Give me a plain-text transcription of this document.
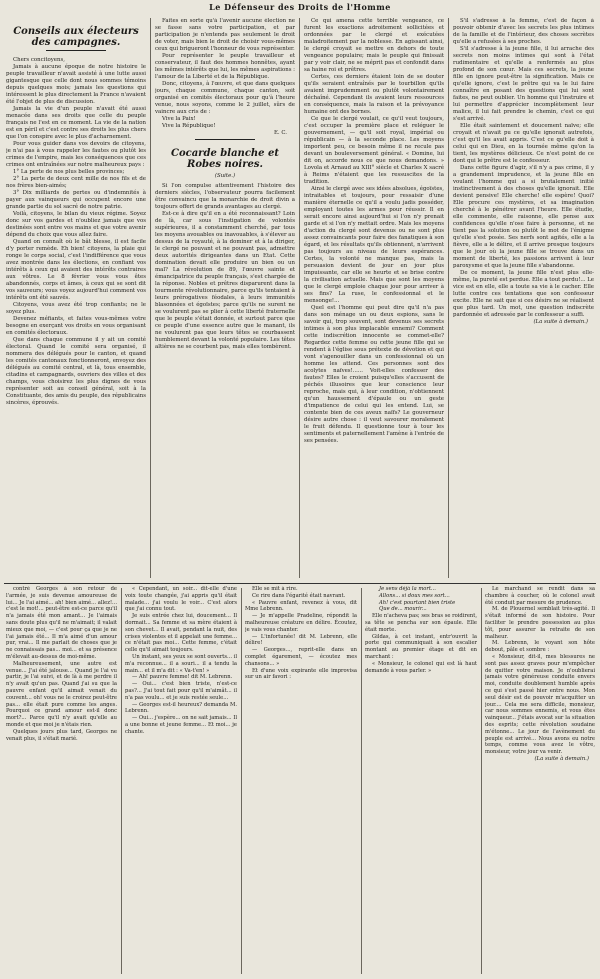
Le Défenseur des Droits de l'Homme
Conseils aux électeurs des campagnes.

Chers concitoyens,

Jamais à aucune époque de notre histoire le peuple travailleur n'avait assisté à une lutte aussi gigantesque que celle dont nous sommes témoins depuis quelques mois; jamais les questions qui intéressent le plus directement la France n'avaient été l'objet de plus de discussion.

Jamais la vie d'un peuple n'avait été aussi menacée dans ses droits que celle du peuple français ne l'est en ce moment. La vie de la nation est en péril et c'est contre ses droits les plus chers que l'on conspire avec le plus d'acharnement.

Pour vous guider dans vos devoirs de citoyens, je n'ai pas à vous rappeler les fautes ou plutôt les crimes de l'empire, mais les conséquences que ces crimes ont entraînées sur notre malheureux pays :

1° La perte de nos plus belles provinces;

2° La perte de deux cent mille de nos fils et de nos frères bien-aimés;

3° Dix milliards de pertes ou d'indemnités à payer aux vainqueurs qui occupent encore une grande partie du sol sacré de notre patrie.

Voilà, citoyens, le bilan du vieux régime. Soyez donc sur vos gardes et n'oubliez jamais que vos destinées sont entre vos mains et que votre avenir dépend du choix que vous allez faire.

Quand on connaît où le bât blesse, il est facile d'y porter remède. Eh bien! citoyens, la plaie qui ronge le corps social, c'est l'indifférence que vous avez montrée dans les élections, en confiant vos intérêts à ceux qui avaient des intérêts contraires aux vôtres. Le 8 février vous vous êtes abandonnés, corps et âmes, à ceux qui se sont dit vos sauveurs; vous voyez aujourd'hui comment vos intérêts ont été sauvés.

Citoyens, vous avez été trop confiants; ne le soyez plus.

Devenez méfiants, et faites vous-mêmes votre besogne en exerçant vos droits en vous organisant en comités électoraux.

Que dans chaque commune il y ait un comité électoral. Quand le comité sera organisé, il nommera des délégués pour le canton, et quand les comités cantonaux fonctionneront, envoyez des délégués au comité central, et là, tous ensemble, citadins et campagnards, ouvriers des villes et des champs, vous choisirez les plus dignes de vous représenter soit au conseil général, soit à la Constituante, des amis du peuple, des républicains sincères, éprouvés.

Faites en sorte qu'à l'avenir aucune élection ne se fasse sans votre participation, et par participation je n'entends pas seulement le droit de voter, mais bien le droit de choisir vous-mêmes ceux qui brigueront l'honneur de vous représenter.

Pour représenter le peuple travailleur et conservateur, il faut des hommes honnêtes, ayant les mêmes intérêts que lui, les mêmes aspirations : l'amour de la Liberté et de la République.

Donc, citoyens, à l'œuvre, et que dans quelques jours, chaque commune, chaque canton, soit organisé en comités électoraux pour qu'à l'heure venue, nous soyons, comme le 2 juillet, sûrs de vaincre aux cris de :

Vive la Paix!

Vive la République!

E. C.
Cocarde blanche et Robes noires.
(Suite.)

Si l'on compulse attentivement l'histoire des derniers siècles, l'observateur pourra facilement être convaincu que la monarchie de droit divin a toujours offert de grands avantages au clergé.

Est-ce à dire qu'il en a été reconnaissant? Loin de là, car sous l'instigation de volontés supérieures, il a constamment cherché, par tous les moyens avouables ou inavouables, à s'élever au dessus de la royauté, à la dominer et à la diriger, le clergé ne pouvant et ne pouvant pas, admettre deux autorités dirigeantes dans un Etat. Cette domination devait elle produire un bien ou un mal? La révolution de 89, l'œuvre sainte et émancipatrice du peuple français, s'est chargée de la réponse. Nobles et prêtres disparurent dans la tourmente révolutionnaire, parce qu'ils tentaient à leurs prérogatives féodales, à leurs immunités blasonnées et égoïstes; parce qu'ils ne surent ne se voulurent pas se plier à cette liberté fraternelle que le peuple s'était donnée, et surtout parce que ce peuple d'une essence autre que le manant, ils ne voulurent pas que leurs têtes se courbassent humblement devant la volonté populaire. Les têtes altières ne se courbent pas, mais elles tombèrent.

Ce qui amena cette terrible vengeance, ce furent les exactions adroitement sollicitées et ordonnées par le clergé et exécutées maladroitement par la noblesse. En agissant ainsi, le clergé croyait se mettre en dehors de toute vengeance populaire; mais le peuple qui finissait par y voir clair, ne se méprit pas et confondit dans sa haine roi et prêtres.

Certes, ces derniers étaient loin de se douter qu'ils seraient entraînés par le tourbillon qu'ils avaient imprudemment ou plutôt volontairement déchaîné. Cependant ils avaient leurs ressources en conséquence, mais la raison et la prévoyance humaine ont des bornes.

Ce que le clergé voulait, ce qu'il veut toujours, c'est occuper la première place et reléguer le gouvernement, — qu'il soit royal, impérial ou républicain — à la seconde place. Les moyens importent peu, ce besoin même il ne recule pas devant un bouleversement général. « Domine, lui dit on, accorde nous ce que nous demandons. » Lovola et Arnaud au XIII° siècle et Charles X sacré à Reims n'étaient que les ressuscites de la tradition.

Ainsi le clergé avec ses idées absolues, égoïstes, intraitables et toujours, pour ressaisir d'une manière éternelle ce qu'il a voulu jadis posséder, employant toutes les armes pour réussir. Il en serait encore ainsi aujourd'hui si l'on n'y prenait garde et si l'on n'y mettait ordre. Mais les moyens d'action du clergé sont devenus ou ne sont plus assez convaincants pour faire des fanatiques à son égard, et les résultats qu'ils obtiennent, n'arrivent pas toujours au niveau de leurs espérances. Certes, la volonté ne manque pas, mais la persuasion devient de jour en jour plus impuissante, car elle se heurte et se brise contre la civilisation actuelle. Mais que sont les moyens que le clergé emploie chaque jour pour arriver à ses fins? La ruse, le confessionnal et le mensonge!...

Quel est l'homme qui peut dire qu'il n'a pas dans son ménage un ou deux espions, sans le savoir qui, trop souvent, sont devenus ses secrets intimes à son plus implacable ennemi? Comment cette indiscrétion innocente se commet-elle? Regardez cette femme ou cette jeune fille qui se rendent à l'église sous prétexte de dévotion et qui vont s'agenouiller dans un confessionnal où un homme les attend. Ces personnes sont des acolytes naïves!...... Voit-elles confesser des fautes? Elles le croient puisqu'elles s'accusent de péchés illusoires que leur conscience leur reproche, mais qui, à leur condition, n'obtiennent qu'un haussement d'épaule ou un geste d'impatience de celui qui les entend. Lui, se contente bien de ces aveux naïfs? Le gouverneur désire autre chose : il veut savourer moralement le fruit défendu. Il questionne tour à tour les sentiments et paternellement l'amène à l'entrée de ses pensées.

S'il s'adresse à la femme, c'est de façon à pouvoir obtenir d'avec les secrets les plus intimes de la famille et de l'intérieur, des choses secrètes qu'elle a refusées à ses proches.

S'il s'adresse à la jeune fille, il lui arrache des secrets non moins intimes qui sont à l'état rudimentaire et qu'elle a renfermés au plus profond de son cœur. Mais ces secrets, la jeune fille en ignore peut-être la signification. Mais ce qu'elle ignore, c'est le prêtre qui va le lui faire connaître en posant des questions qui lui sont faites, ne peut oublier. Un homme qui l'instruire et lui permettre d'apprécier incomplètement leur malice, il lui fait prendre le chemin, c'est ce qui s'est arrivé.

Elle était saintement et doucement naïve; elle croyait et n'avait pu ce qu'elle ignorait autrefois, c'est qu'il les avait appris. C'est ce qu'elle doit à celui qui en Dieu, en la tournée même qu'on la tient, les mystères délicieux. Ce n'est point de ce dont qui le prêtre est le confesseur.

Dans cette figure d'agir, s'il n'y a pas crime, il y a grandement imprudence, et la jeune fille en voulant l'homme qui a si brutalement initié instinctivement à des choses qu'elle ignorait. Elle devient pensive! Elle cherche! elle espère! Quoi? Elle procure ces mystères, et sa imagination cherché à le pénétrer avant l'heure. Elle étudie, elle commente, elle raisonne, elle pense aux confidences qu'elle n'ose faire à personne, et ne tient pas la solution ou plutôt le mot de l'énigme qu'elle s'est posée. Ses nerfs sont agités, elle a la fièvre, elle a le délire, et il arrive presque toujours que le jour où la jeune fille se trouve dans un moment de liberté, les passions arrivent à leur paroxysme et que la jeune fille s'abandonne.

De ce moment, la jeune fille n'est plus elle-même, la pureté est perdue. Elle a tout perdu!... Le vice est en elle, elle a toute sa vie à le cacher. Elle lutte contre ces tentations que son confesseur excite. Elle ne sait que si ces désirs ne se réalisent que plus tard. Un mot, une question indiscrète pardonnée et adressée par le confesseur a suffi.

(La suite à demain.)

contré Georges à son retour de l'armée, je suis devenue amoureuse de lui... Je l'ai aimé... ah! bien aimé... allez!... c'est le mot!... peut-être est-ce parce qu'il n'a jamais été mon amant... Je l'aimais sans doute plus qu'il ne m'aimait; il valait mieux que moi, — c'est pour ça que je ne l'ai jamais été... Il m'a aimé d'un amour pur, vrai... Il me parlait de choses que je ne connaissais pas... moi... et sa présence m'élevait au-dessus de moi-même.

Malheureusement, une autre est venue... J'ai été jalouse... Quand je l'ai vu partir, je l'ai suivi, et de là à me perdre il n'y avait qu'un pas. Quand j'ai su que la pauvre enfant qu'il aimait venait du couvent... oh! vous ne le croirez peut-être pas... elle était pure comme les anges. Pourquoi ce grand amour est-il donc mort?... Parce qu'il n'y avait qu'elle au monde et que moi je n'étais rien.

Quelques jours plus tard, Georges ne venait plus, il s'était marié.

« Cependant, un soir... dit-elle d'une voix toute changée, j'ai appris qu'il était malade... j'ai voulu le voir... C'est alors que j'ai connu tout.

Je suis entrée chez lui, doucement... Il dormait... Sa femme et sa mère étaient à son chevet... Il avait, pendant la nuit, des crises violentes et il appelait une femme... ce n'était pas moi... Cette femme, c'était celle qu'il aimait toujours.

Un instant, ses yeux se sont ouverts... il m'a reconnue... il a souri... il a tendu la main... et il m'a dit : « Va-t'en! »

— Ah! pauvre femme! dit M. Lebrenn.

— Oui... c'est bien triste, n'est-ce pas?... J'ai tout fait pour qu'il m'aimât... il n'a pas voulu... et je suis restée seule...

— Georges est-il heureux? demanda M. Lebrenn.

— Oui... j'espère... on ne sait jamais... Il a une bonne et jeune femme... Et moi... je chante.

Elle se mit à rire.

Ce rire dans l'égarité était navrant.

« Pauvre enfant, revenez à vous, dit Mme Lebrenn.

— Je m'appelle Pradeline, répondit la malheureuse créature en délire. Écoutez, je vais vous chanter.

— L'infortunée! dit M. Lebrenn, elle délire!

— Georges..., reprit-elle dans un complet égarement, — écoutez mes chansons... »

Et d'une voix expirante elle improvisa sur un air favori :

Je sens déjà la mort...

Allons... si doux mes sort...

Ah! c'est pourtant bien triste

Que de... mourir...

Elle n'acheva pas; ses bras se roidirent, sa tête se pencha sur son épaule. Elle était morte.

Gildas, à cet instant, entr'ouvrit la porte qui communiquait à son escalier montant au premier étage et dit en marchant :

« Monsieur, le colonel qui est là haut demande à vous parler. »

Le marchand se rendit dans sa chambre à coucher, où le colonel avait été conduit par mesure de prudence.

M. de Plouernel semblait très-agité. Il s'était informé de son histoire. Pour faciliter le prendre possession au plus tôt, pour assurer la retraite de son malheur.

M. Lebrenn, le voyant son hôte debout, pâle et sombre :

« Monsieur, dit-il, mes blessures ne sont pas assez graves pour m'empêcher de quitter votre maison. Je n'oublierai jamais votre généreuse conduite envers moi, conduite doublement humble après ce qui s'est passé hier entre nous. Mon seul désir est de pouvoir m'acquitter un jour.... Cela me sera difficile, monsieur, car nous sommes ennemis, et vous êtes vainqueur... J'étais avocat sur la situation des esprits; cette révolution soudaine m'étonne... Le jour de l'avènement du peuple est arrivé... Nous avons eu notre temps, comme vous avez le vôtre, monsieur, votre jour va venir.

(La suite à demain.)
